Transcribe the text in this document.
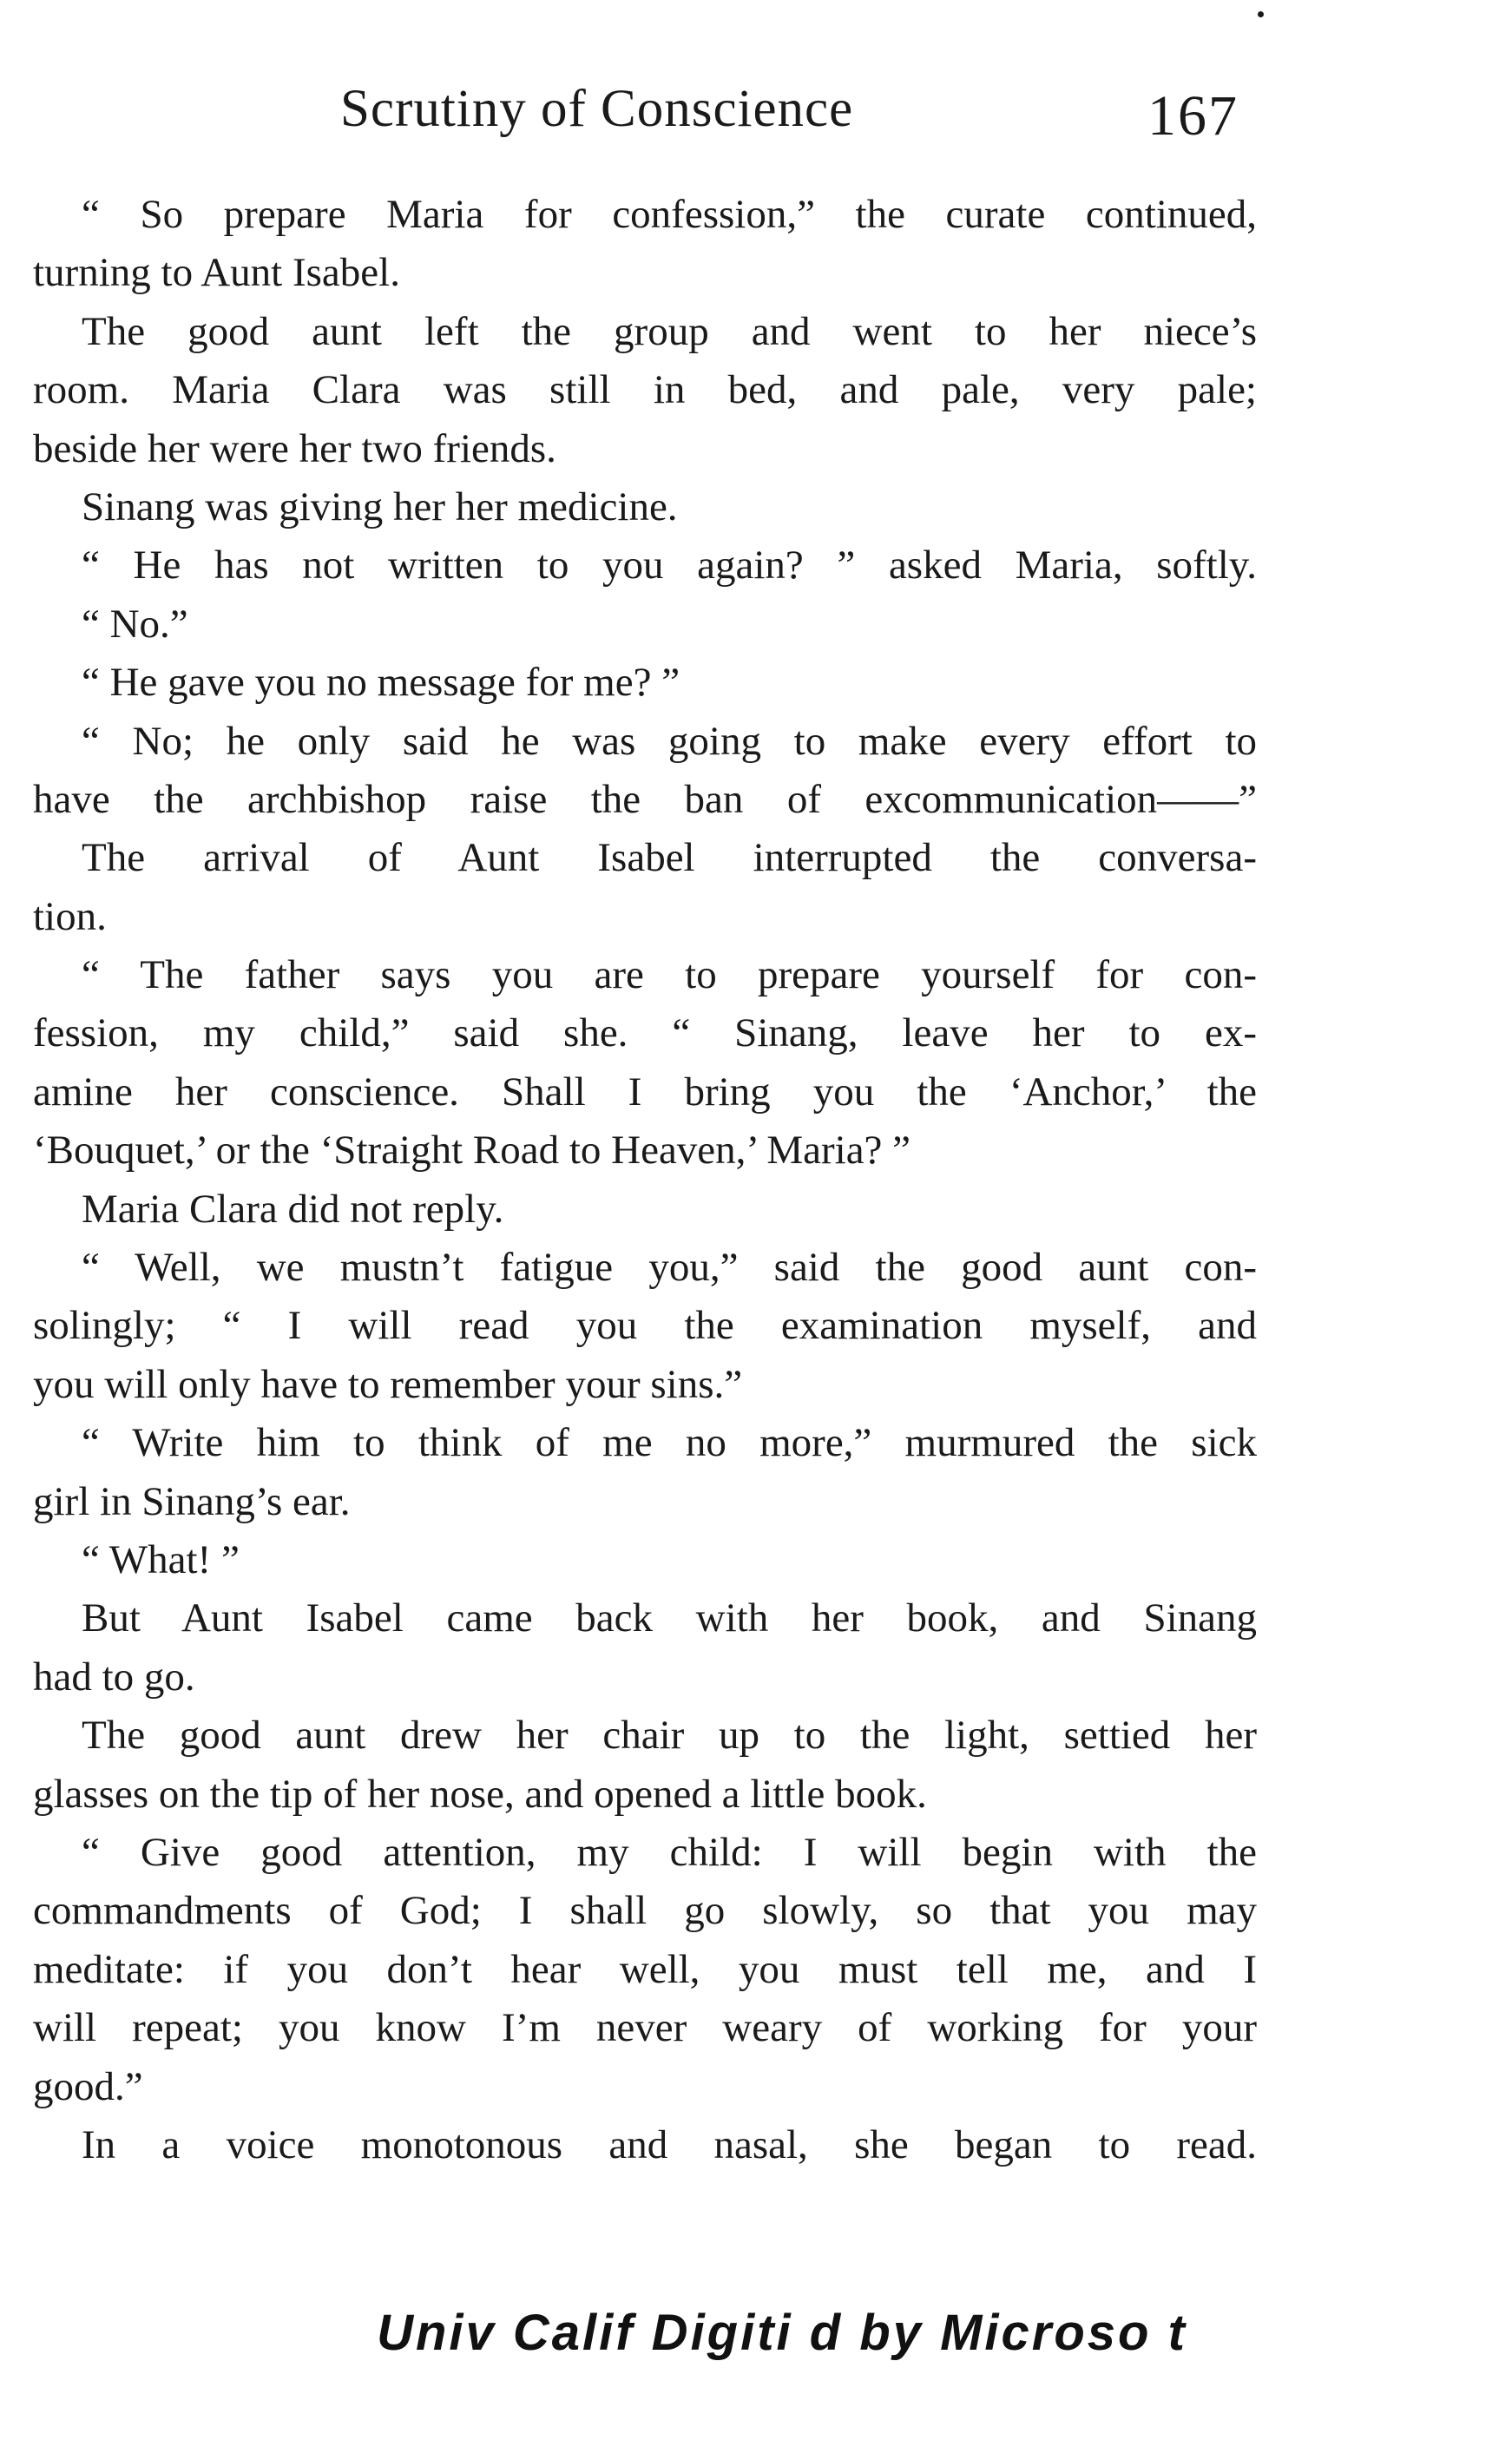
Scrutiny of Conscience	167
“ So prepare Maria for confession,” the curate continued,
turning to Aunt Isabel.
The good aunt left the group and went to her niece’s
room. Maria Clara was still in bed, and pale, very pale;
beside her were her two friends.
Sinang was giving her her medicine.
“ He has not written to you again? ” asked Maria, softly.
“ No.”
“ He gave you no message for me? ”
“ No; he only said he was going to make every effort to
have the archbishop raise the ban of excommunication——”
The arrival of Aunt Isabel interrupted the conversa-
tion.
“ The father says you are to prepare yourself for con-
fession, my child,” said she. “ Sinang, leave her to ex-
amine her conscience. Shall I bring you the ‘Anchor,’ the
‘Bouquet,’ or the ‘Straight Road to Heaven,’ Maria? ”
Maria Clara did not reply.
“ Well, we mustn’t fatigue you,” said the good aunt con-
solingly; “ I will read you the examination myself, and
you will only have to remember your sins.”
“ Write him to think of me no more,” murmured the sick
girl in Sinang’s ear.
“ What! ”
But Aunt Isabel came back with her book, and Sinang
had to go.
The good aunt drew her chair up to the light, settied her
glasses on the tip of her nose, and opened a little book.
“ Give good attention, my child: I will begin with the
commandments of God; I shall go slowly, so that you may
meditate: if you don’t hear well, you must tell me, and I
will repeat; you know I’m never weary of working for your
good.”
In a voice monotonous and nasal, she began to read.
Univ Calif Digiti d by Microso t
